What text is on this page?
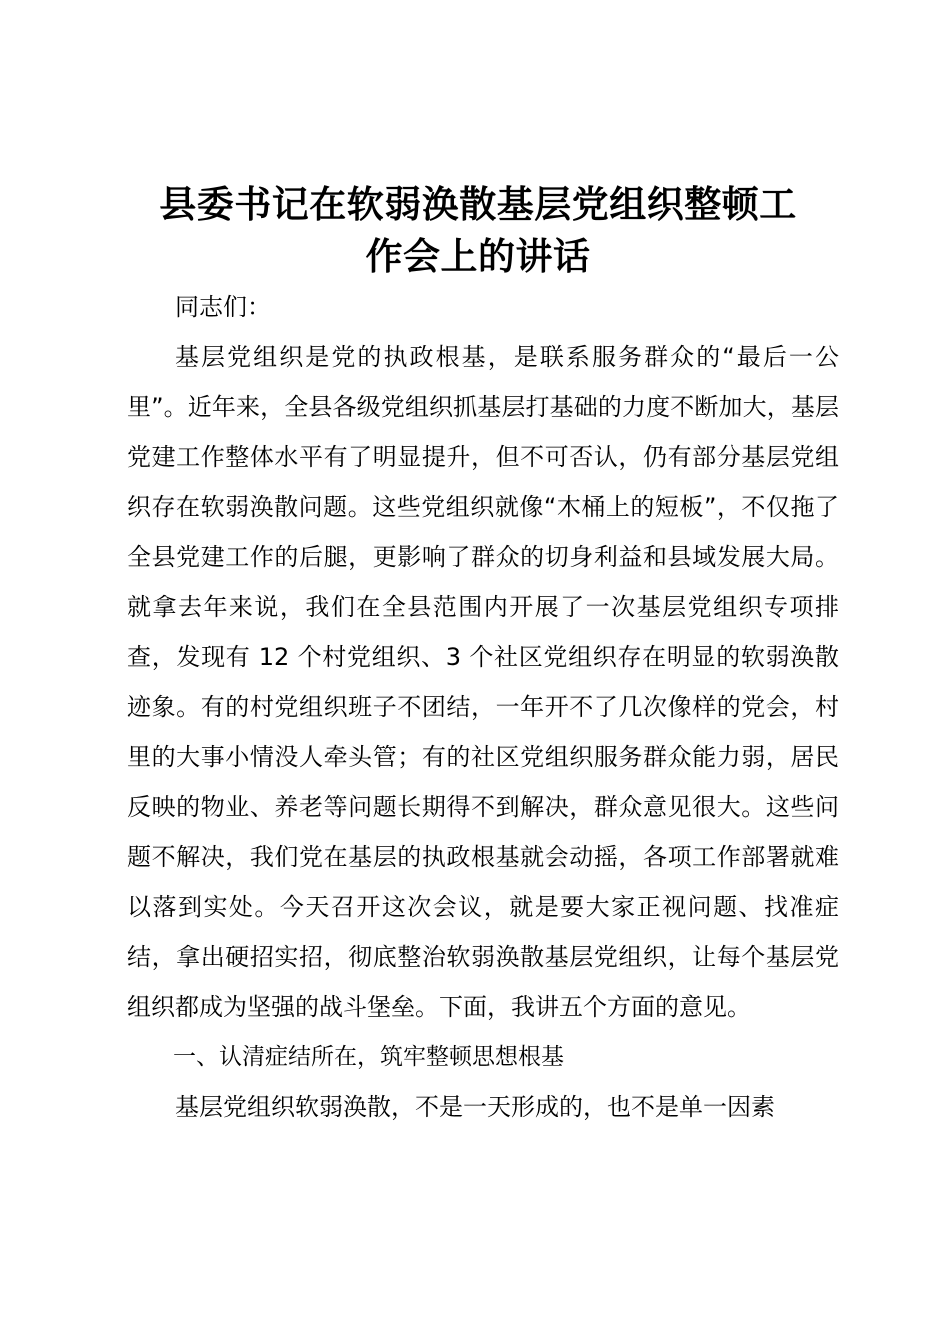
县委书记在软弱涣散基层党组织整顿工
作会上的讲话

同志们：

基层党组织是党的执政根基，是联系服务群众的“最后一公里”。近年来，全县各级党组织抓基层打基础的力度不断加大，基层党建工作整体水平有了明显提升，但不可否认，仍有部分基层党组织存在软弱涣散问题。这些党组织就像“木桶上的短板”，不仅拖了全县党建工作的后腿，更影响了群众的切身利益和县域发展大局。就拿去年来说，我们在全县范围内开展了一次基层党组织专项排查，发现有 12 个村党组织、3 个社区党组织存在明显的软弱涣散迹象。有的村党组织班子不团结，一年开不了几次像样的党会，村里的大事小情没人牵头管；有的社区党组织服务群众能力弱，居民反映的物业、养老等问题长期得不到解决，群众意见很大。这些问题不解决，我们党在基层的执政根基就会动摇，各项工作部署就难以落到实处。今天召开这次会议，就是要大家正视问题、找准症结，拿出硬招实招，彻底整治软弱涣散基层党组织，让每个基层党组织都成为坚强的战斗堡垒。下面，我讲五个方面的意见。

一、认清症结所在，筑牢整顿思想根基

基层党组织软弱涣散，不是一天形成的，也不是单一因素
